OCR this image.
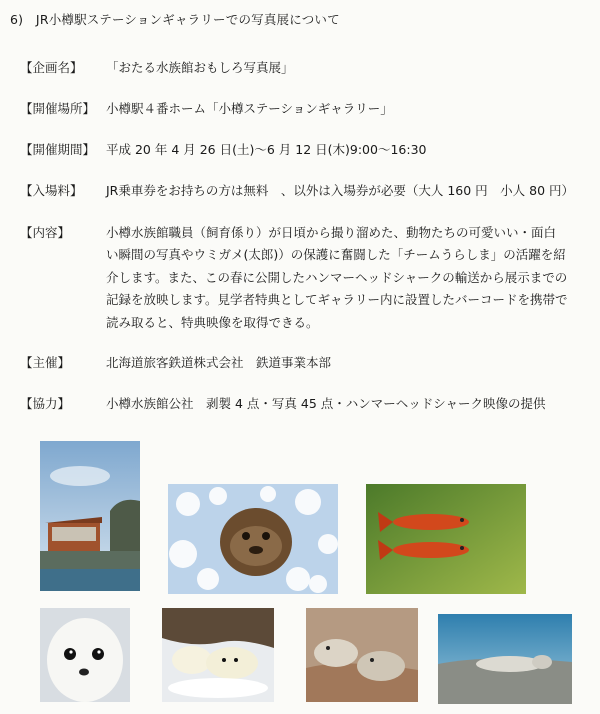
6)　JR小樽駅ステーションギャラリーでの写真展について
【企画名】 「おたる水族館おもしろ写真展」
【開催場所】 小樽駅４番ホーム「小樽ステーションギャラリー」
【開催期間】 平成 20 年 4 月 26 日(土)～6 月 12 日(木)9:00～16:30
【入場料】 JR乗車券をお持ちの方は無料　、以外は入場券が必要（大人 160 円　小人 80 円）
【内容】	小樽水族館職員（飼育係り）が日頃から撮り溜めた、動物たちの可愛いい・面白
い瞬間の写真やウミガメ(太郎)）の保護に奮闘した「チームうらしま」の活躍を紹
介します。また、この春に公開したハンマーヘッドシャークの輸送から展示までの
記録を放映します。見学者特典としてギャラリー内に設置したバーコードを携帯で
読み取ると、特典映像を取得できる。
【主催】	北海道旅客鉄道株式会社　鉄道事業本部
【協力】	小樽水族館公社　剥製 4 点・写真 45 点・ハンマーヘッドシャーク映像の提供
